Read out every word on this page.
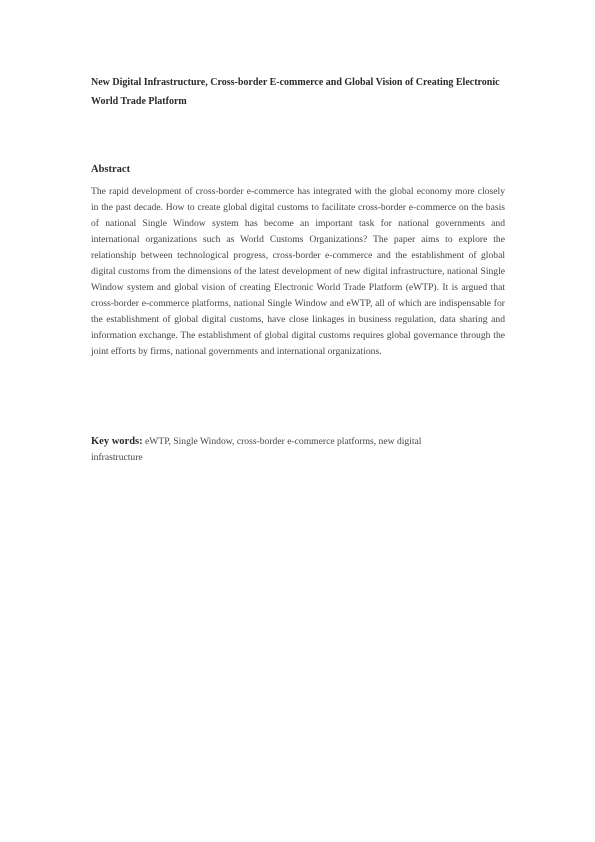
New Digital Infrastructure, Cross-border E-commerce and Global Vision of Creating Electronic World Trade Platform
Abstract

The rapid development of cross-border e-commerce has integrated with the global economy more closely in the past decade. How to create global digital customs to facilitate cross-border e-commerce on the basis of national Single Window system has become an important task for national governments and international organizations such as World Customs Organizations? The paper aims to explore the relationship between technological progress, cross-border e-commerce and the establishment of global digital customs from the dimensions of the latest development of new digital infrastructure, national Single Window system and global vision of creating Electronic World Trade Platform (eWTP). It is argued that cross-border e-commerce platforms, national Single Window and eWTP, all of which are indispensable for the establishment of global digital customs, have close linkages in business regulation, data sharing and information exchange. The establishment of global digital customs requires global governance through the joint efforts by firms, national governments and international organizations.

Key words: eWTP, Single Window, cross-border e-commerce platforms, new digital infrastructure
